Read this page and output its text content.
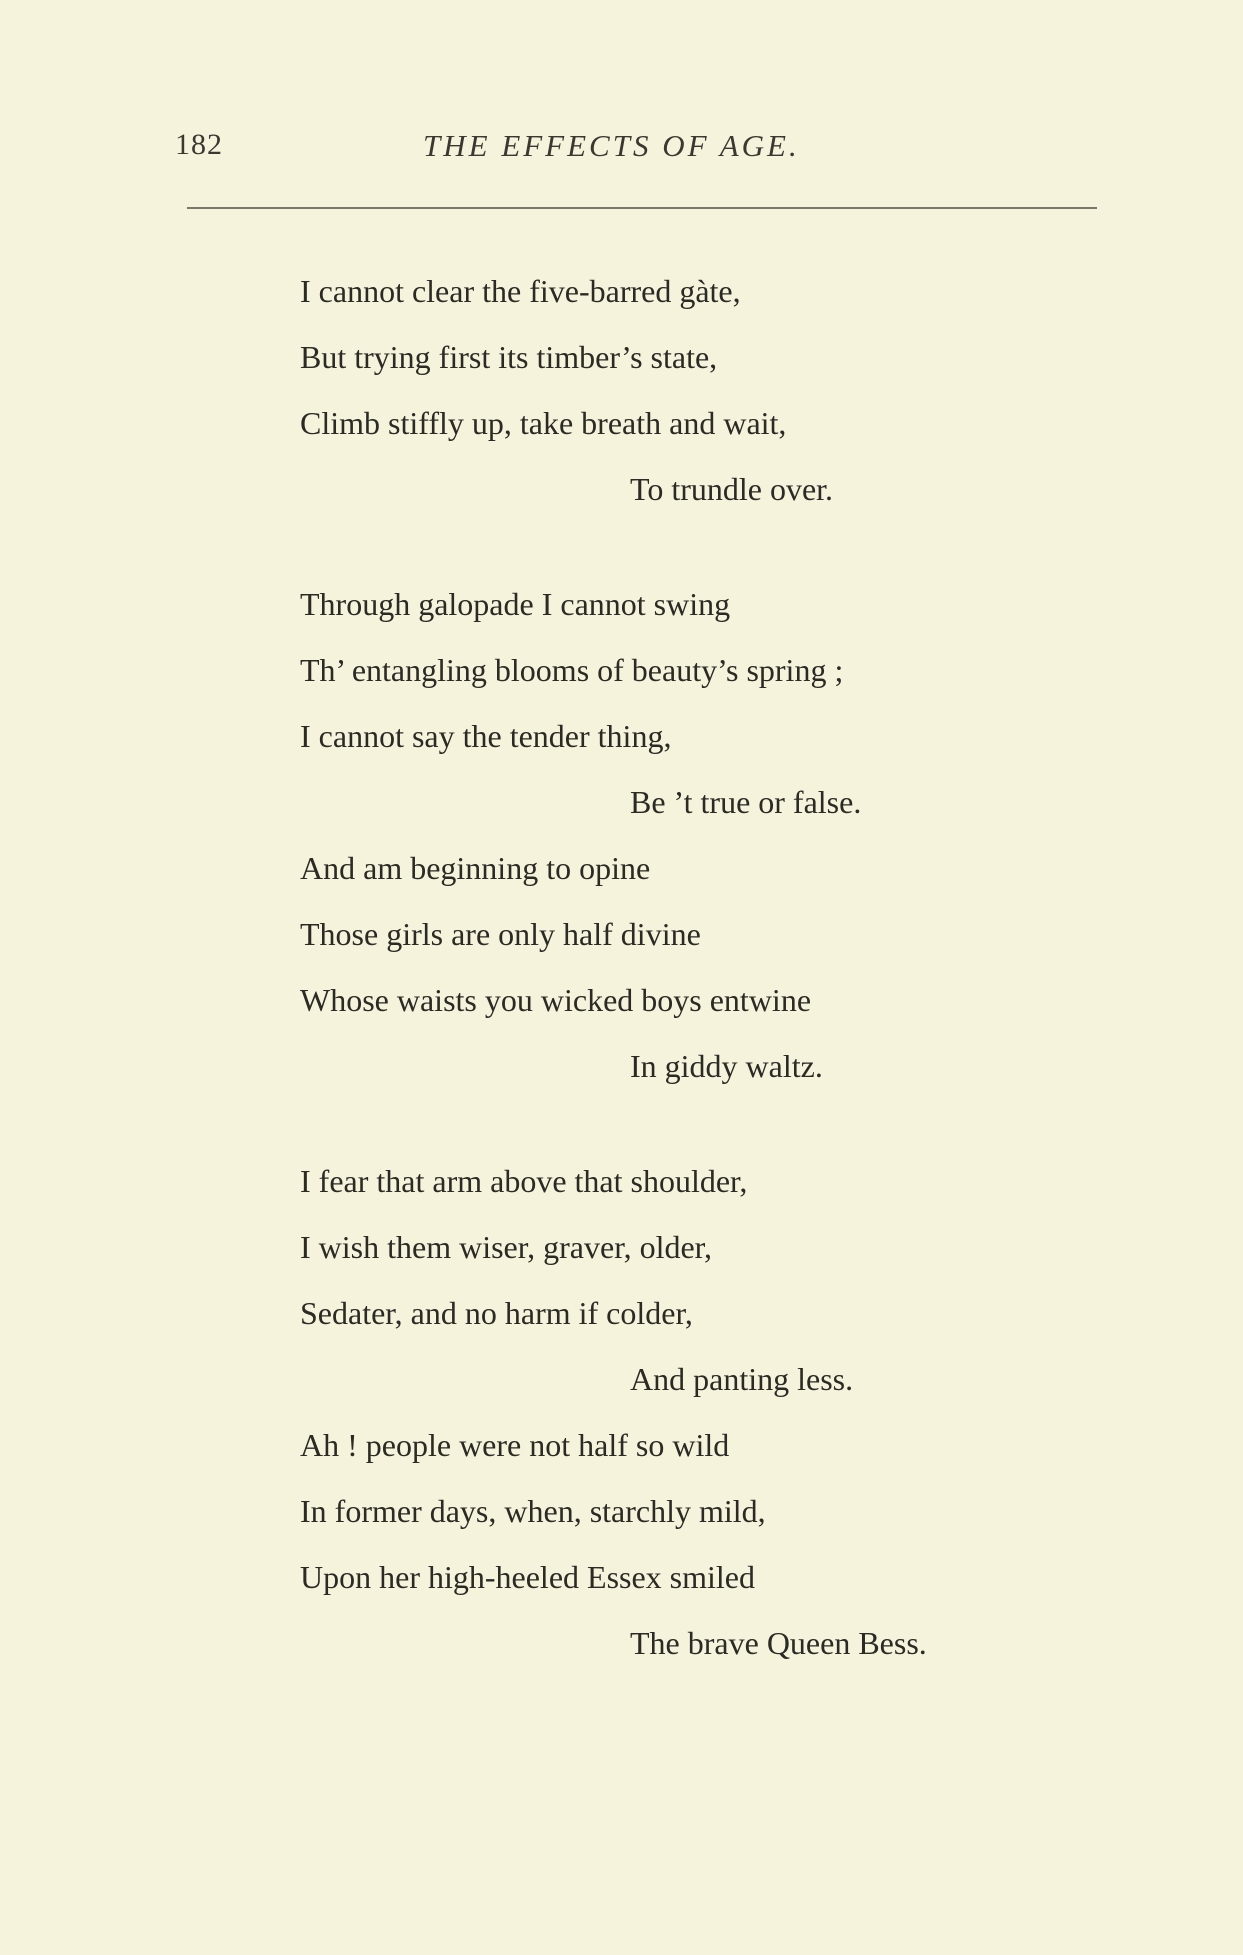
182	THE EFFECTS OF AGE.
I cannot clear the five-barred gàte,
But trying first its timber’s state,
Climb stiffly up, take breath and wait,
To trundle over.
Through galopade I cannot swing
Th’ entangling blooms of beauty’s spring ;
I cannot say the tender thing,
Be ’t true or false.
And am beginning to opine
Those girls are only half divine
Whose waists you wicked boys entwine
In giddy waltz.
I fear that arm above that shoulder,
I wish them wiser, graver, older,
Sedater, and no harm if colder,
And panting less.
Ah ! people were not half so wild
In former days, when, starchly mild,
Upon her high-heeled Essex smiled
The brave Queen Bess.
